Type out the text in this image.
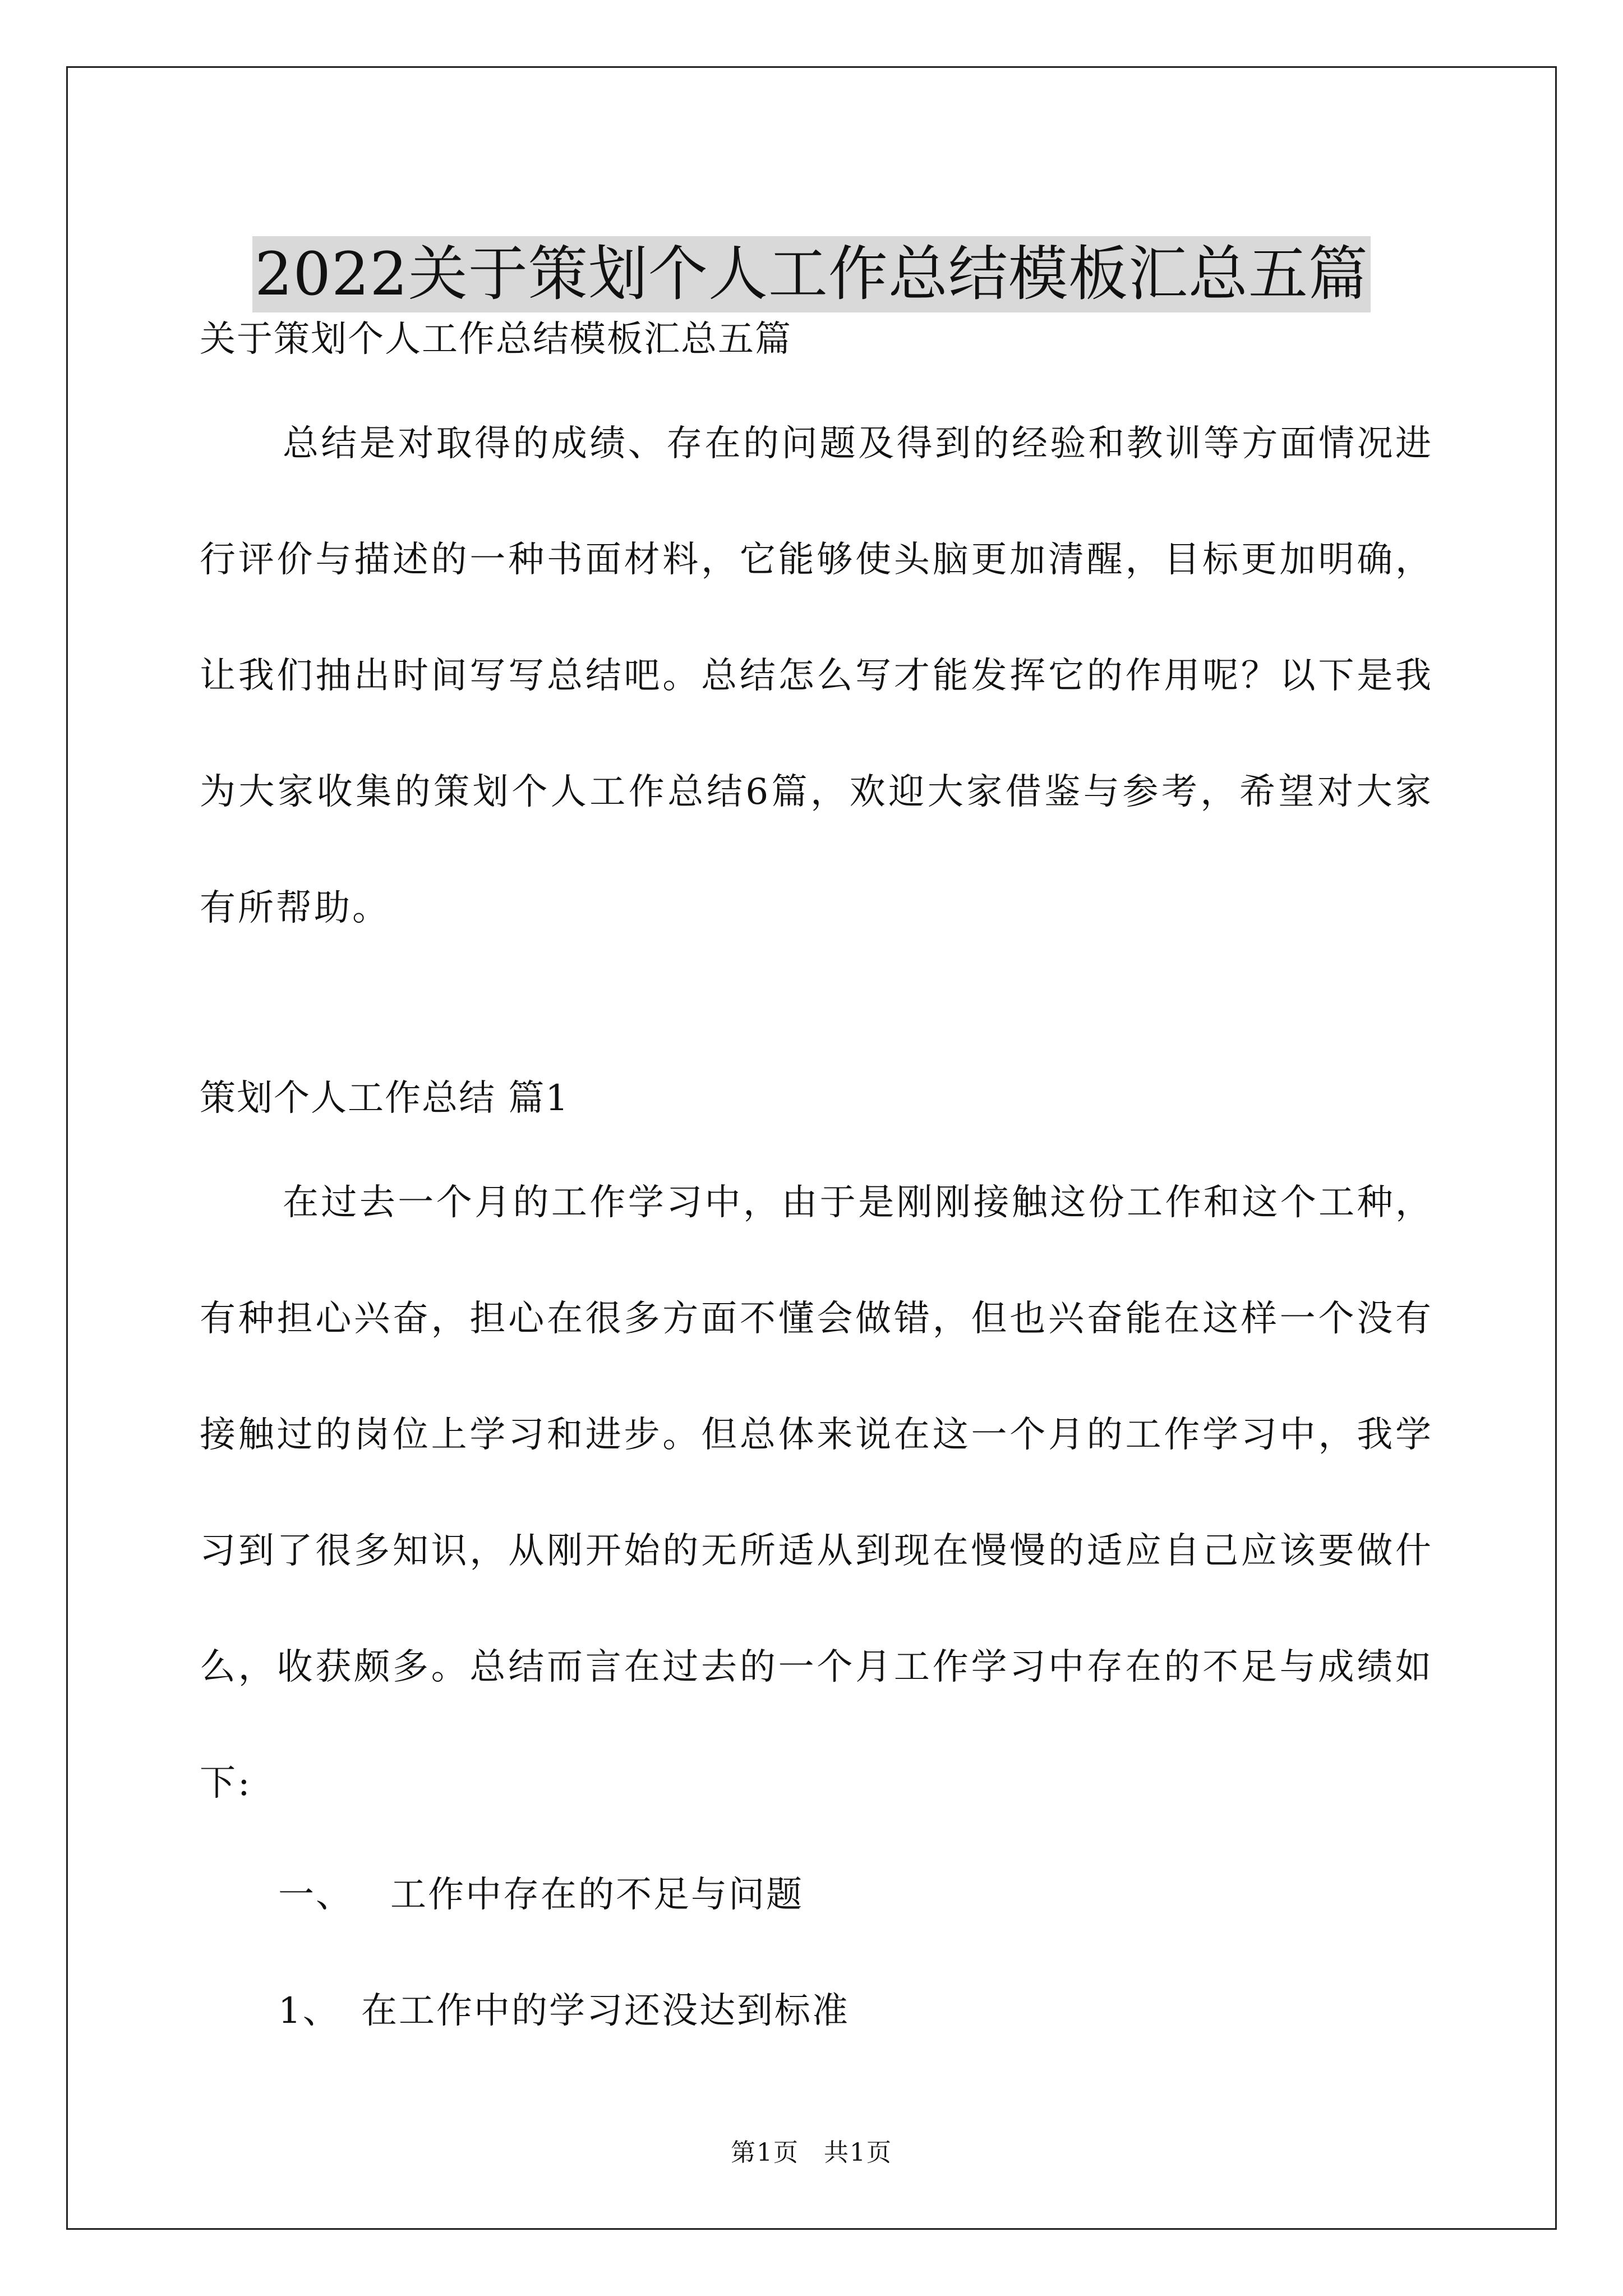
2022关于策划个人工作总结模板汇总五篇

关于策划个人工作总结模板汇总五篇

总结是对取得的成绩、存在的问题及得到的经验和教训等方面情况进行评价与描述的一种书面材料，它能够使头脑更加清醒，目标更加明确，让我们抽出时间写写总结吧。总结怎么写才能发挥它的作用呢？以下是我为大家收集的策划个人工作总结6篇，欢迎大家借鉴与参考，希望对大家有所帮助。

策划个人工作总结 篇1

在过去一个月的工作学习中，由于是刚刚接触这份工作和这个工种，有种担心兴奋，担心在很多方面不懂会做错，但也兴奋能在这样一个没有接触过的岗位上学习和进步。但总体来说在这一个月的工作学习中，我学习到了很多知识，从刚开始的无所适从到现在慢慢的适应自己应该要做什么，收获颇多。总结而言在过去的一个月工作学习中存在的不足与成绩如下:

一、 工作中存在的不足与问题

1、 在工作中的学习还没达到标准

第1页 共1页
